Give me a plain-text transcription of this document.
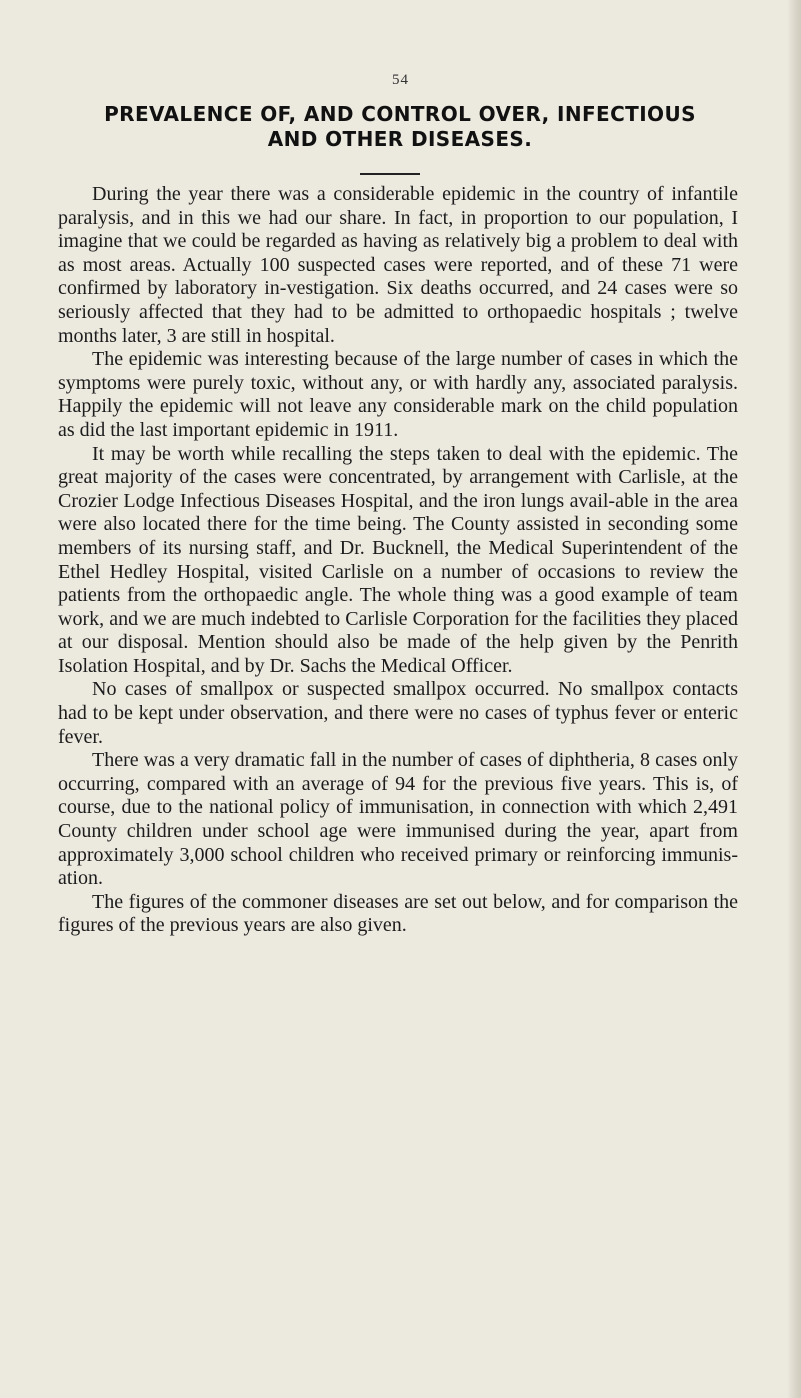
54
PREVALENCE OF, AND CONTROL OVER, INFECTIOUS
AND OTHER DISEASES.

During the year there was a considerable epidemic in the country of infantile paralysis, and in this we had our share. In fact, in proportion to our population, I imagine that we could be regarded as having as relatively big a problem to deal with as most areas. Actually 100 suspected cases were reported, and of these 71 were confirmed by laboratory in-vestigation. Six deaths occurred, and 24 cases were so seriously affected that they had to be admitted to orthopaedic hospitals ; twelve months later, 3 are still in hospital.

The epidemic was interesting because of the large number of cases in which the symptoms were purely toxic, without any, or with hardly any, associated paralysis. Happily the epidemic will not leave any considerable mark on the child population as did the last important epidemic in 1911.

It may be worth while recalling the steps taken to deal with the epidemic. The great majority of the cases were concentrated, by arrangement with Carlisle, at the Crozier Lodge Infectious Diseases Hospital, and the iron lungs avail-able in the area were also located there for the time being. The County assisted in seconding some members of its nursing staff, and Dr. Bucknell, the Medical Superintendent of the Ethel Hedley Hospital, visited Carlisle on a number of occasions to review the patients from the orthopaedic angle. The whole thing was a good example of team work, and we are much indebted to Carlisle Corporation for the facilities they placed at our disposal. Mention should also be made of the help given by the Penrith Isolation Hospital, and by Dr. Sachs the Medical Officer.

No cases of smallpox or suspected smallpox occurred. No smallpox contacts had to be kept under observation, and there were no cases of typhus fever or enteric fever.

There was a very dramatic fall in the number of cases of diphtheria, 8 cases only occurring, compared with an average of 94 for the previous five years. This is, of course, due to the national policy of immunisation, in connection with which 2,491 County children under school age were immunised during the year, apart from approximately 3,000 school children who received primary or reinforcing immunis-ation.

The figures of the commoner diseases are set out below, and for comparison the figures of the previous years are also given.
